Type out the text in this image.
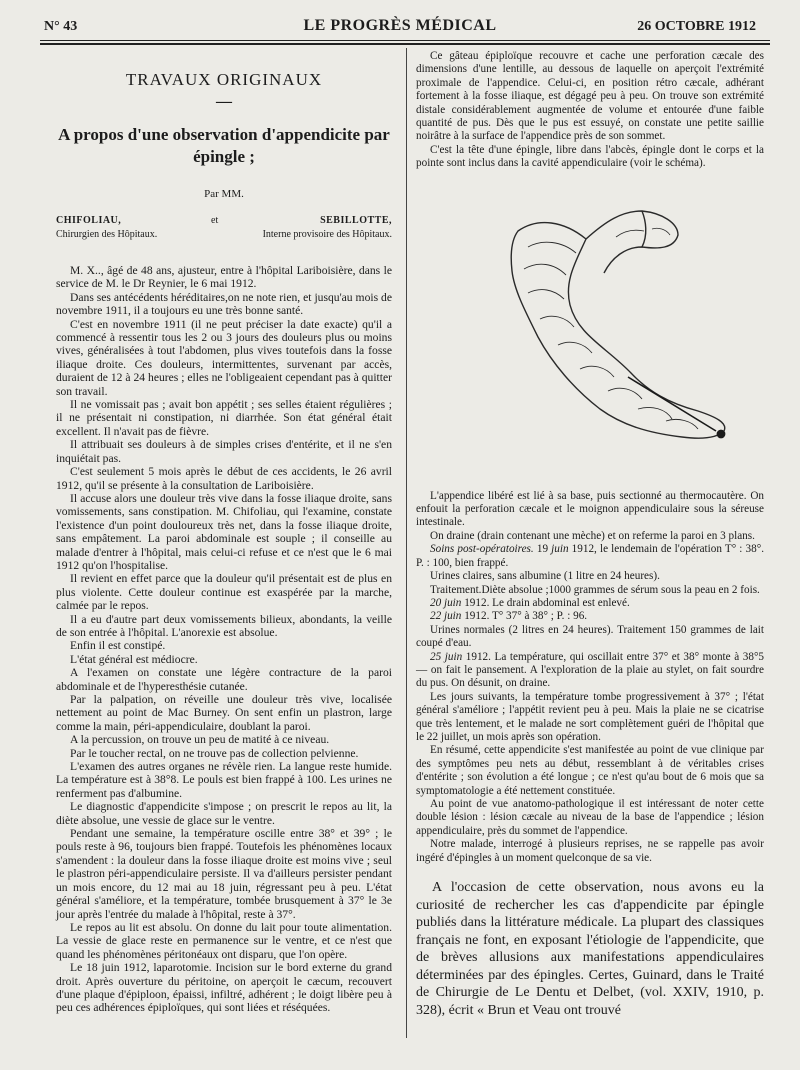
N° 43	LE PROGRÈS MÉDICAL	26 OCTOBRE 1912
TRAVAUX ORIGINAUX
—
A propos d'une observation d'appendicite par épingle ;
Par MM.
CHIFOLIAU,
Chirurgien des Hôpitaux.
et	SEBILLOTTE,
Interne provisoire des Hôpitaux.

M. X.., âgé de 48 ans, ajusteur, entre à l'hôpital Lariboisière, dans le service de M. le Dr Reynier, le 6 mai 1912.

Dans ses antécédents héréditaires,on ne note rien, et jusqu'au mois de novembre 1911, il a toujours eu une très bonne santé.

C'est en novembre 1911 (il ne peut préciser la date exacte) qu'il a commencé à ressentir tous les 2 ou 3 jours des douleurs plus ou moins vives, généralisées à tout l'abdomen, plus vives toutefois dans la fosse iliaque droite. Ces douleurs, intermittentes, survenant par accès, duraient de 12 à 24 heures ; elles ne l'obligeaient cependant pas à quitter son travail.

Il ne vomissait pas ; avait bon appétit ; ses selles étaient régulières ; il ne présentait ni constipation, ni diarrhée. Son état général était excellent. Il n'avait pas de fièvre.

Il attribuait ses douleurs à de simples crises d'entérite, et il ne s'en inquiétait pas.

C'est seulement 5 mois après le début de ces accidents, le 26 avril 1912, qu'il se présente à la consultation de Lariboisière.

Il accuse alors une douleur très vive dans la fosse iliaque droite, sans vomissements, sans constipation. M. Chifoliau, qui l'examine, constate l'existence d'un point douloureux très net, dans la fosse iliaque droite, sans empâtement. La paroi abdominale est souple ; il conseille au malade d'entrer à l'hôpital, mais celui-ci refuse et ce n'est que le 6 mai 1912 qu'on l'hospitalise.

Il revient en effet parce que la douleur qu'il présentait est de plus en plus violente. Cette douleur continue est exaspérée par la marche, calmée par le repos.

Il a eu d'autre part deux vomissements bilieux, abondants, la veille de son entrée à l'hôpital. L'anorexie est absolue.

Enfin il est constipé.

L'état général est médiocre.

A l'examen on constate une légère contracture de la paroi abdominale et de l'hyperesthésie cutanée.

Par la palpation, on réveille une douleur très vive, localisée nettement au point de Mac Burney. On sent enfin un plastron, large comme la main, péri-appendiculaire, doublant la paroi.

A la percussion, on trouve un peu de matité à ce niveau.

Par le toucher rectal, on ne trouve pas de collection pelvienne.

L'examen des autres organes ne révèle rien. La langue reste humide. La température est à 38°8. Le pouls est bien frappé à 100. Les urines ne renferment pas d'albumine.

Le diagnostic d'appendicite s'impose ; on prescrit le repos au lit, la diète absolue, une vessie de glace sur le ventre.

Pendant une semaine, la température oscille entre 38° et 39° ; le pouls reste à 96, toujours bien frappé. Toutefois les phénomènes locaux s'amendent : la douleur dans la fosse iliaque droite est moins vive ; seul le plastron péri-appendiculaire persiste. Il va d'ailleurs persister pendant un mois encore, du 12 mai au 18 juin, régressant peu à peu. L'état général s'améliore, et la température, tombée brusquement à 37° le 3e jour après l'entrée du malade à l'hôpital, reste à 37°.

Le repos au lit est absolu. On donne du lait pour toute alimentation. La vessie de glace reste en permanence sur le ventre, et ce n'est que quand les phénomènes péritonéaux ont disparu, que l'on opère.

Le 18 juin 1912, laparotomie. Incision sur le bord externe du grand droit. Après ouverture du péritoine, on aperçoit le cæcum, recouvert d'une plaque d'épiploon, épaissi, infiltré, adhérent ; le doigt libère peu à peu ces adhérences épiploïques, qui sont liées et réséquées.

Ce gâteau épiploïque recouvre et cache une perforation cæcale des dimensions d'une lentille, au dessous de laquelle on aperçoit l'extrémité proximale de l'appendice. Celui-ci, en position rétro cæcale, adhérant fortement à la fosse iliaque, est dégagé peu à peu. On trouve son extrémité distale considérablement augmentée de volume et entourée d'une faible quantité de pus. Dès que le pus est essuyé, on constate une petite saillie noirâtre à la surface de l'appendice près de son sommet.

C'est la tête d'une épingle, libre dans l'abcès, épingle dont le corps et la pointe sont inclus dans la cavité appendiculaire (voir le schéma).

L'appendice libéré est lié à sa base, puis sectionné au thermocautère. On enfouit la perforation cæcale et le moignon appendiculaire sous la séreuse intestinale.

On draine (drain contenant une mèche) et on referme la paroi en 3 plans.

Soins post-opératoires. 19 juin 1912, le lendemain de l'opération T° : 38°. P. : 100, bien frappé.

Urines claires, sans albumine (1 litre en 24 heures).

Traitement.Diète absolue ;1000 grammes de sérum sous la peau en 2 fois.

20 juin 1912. Le drain abdominal est enlevé.

22 juin 1912. T° 37° à 38° ; P. : 96.

Urines normales (2 litres en 24 heures). Traitement 150 grammes de lait coupé d'eau.

25 juin 1912. La température, qui oscillait entre 37° et 38° monte à 38°5 — on fait le pansement. A l'exploration de la plaie au stylet, on fait sourdre du pus. On désunit, on draine.

Les jours suivants, la température tombe progressivement à 37° ; l'état général s'améliore ; l'appétit revient peu à peu. Mais la plaie ne se cicatrise que très lentement, et le malade ne sort complètement guéri de l'hôpital que le 22 juillet, un mois après son opération.

En résumé, cette appendicite s'est manifestée au point de vue clinique par des symptômes peu nets au début, ressemblant à de véritables crises d'entérite ; son évolution a été longue ; ce n'est qu'au bout de 6 mois que sa symptomatologie a été nettement constituée.

Au point de vue anatomo-pathologique il est intéressant de noter cette double lésion : lésion cæcale au niveau de la base de l'appendice ; lésion appendiculaire, près du sommet de l'appendice.

Notre malade, interrogé à plusieurs reprises, ne se rappelle pas avoir ingéré d'épingles à un moment quelconque de sa vie.

A l'occasion de cette observation, nous avons eu la curiosité de rechercher les cas d'appendicite par épingle publiés dans la littérature médicale. La plupart des classiques français ne font, en exposant l'étiologie de l'appendicite, que de brèves allusions aux manifestations appendiculaires déterminées par des épingles. Certes, Guinard, dans le Traité de Chirurgie de Le Dentu et Delbet, (vol. XXIV, 1910, p. 328), écrit « Brun et Veau ont trouvé
